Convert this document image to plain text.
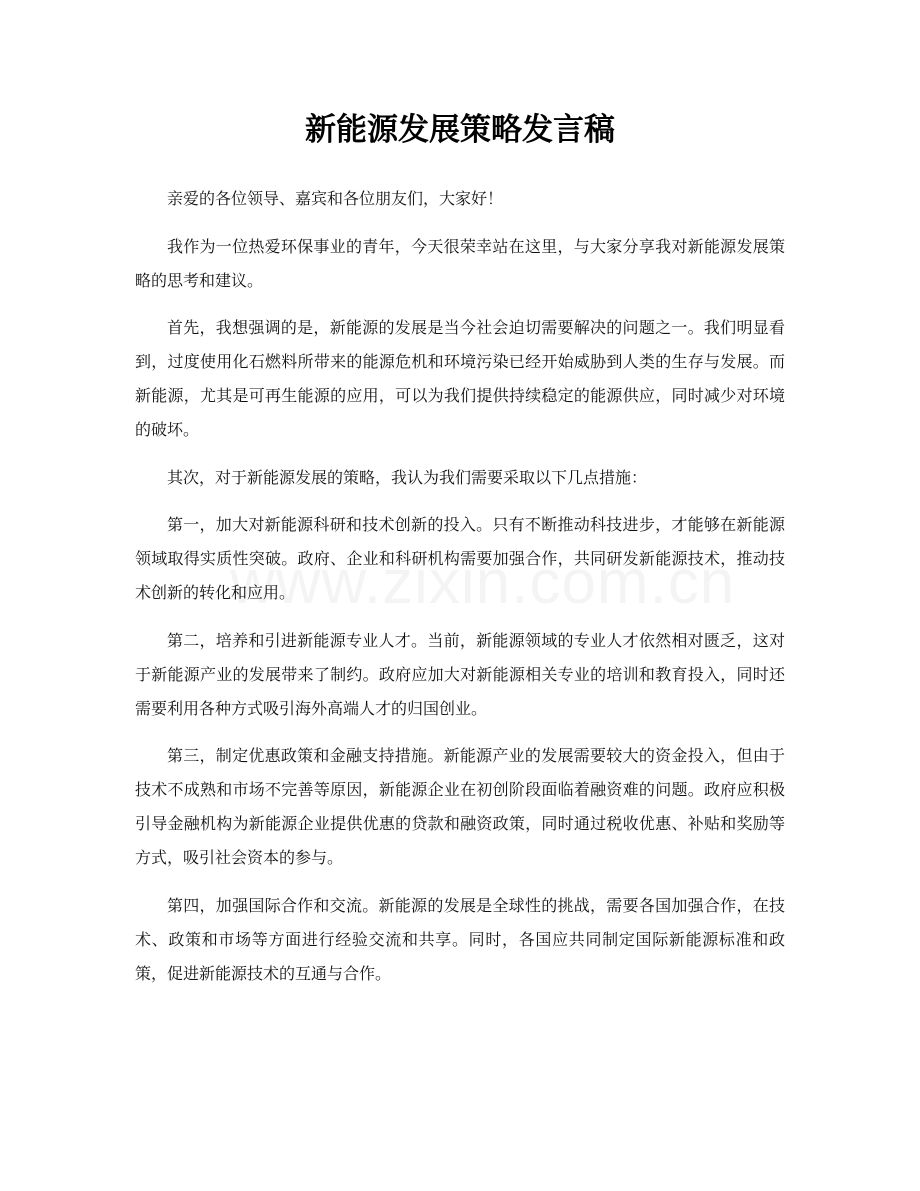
新能源发展策略发言稿

亲爱的各位领导、嘉宾和各位朋友们，大家好！

我作为一位热爱环保事业的青年，今天很荣幸站在这里，与大家分享我对新能源发展策略的思考和建议。

首先，我想强调的是，新能源的发展是当今社会迫切需要解决的问题之一。我们明显看到，过度使用化石燃料所带来的能源危机和环境污染已经开始威胁到人类的生存与发展。而新能源，尤其是可再生能源的应用，可以为我们提供持续稳定的能源供应，同时减少对环境的破坏。

其次，对于新能源发展的策略，我认为我们需要采取以下几点措施：

第一，加大对新能源科研和技术创新的投入。只有不断推动科技进步，才能够在新能源领域取得实质性突破。政府、企业和科研机构需要加强合作，共同研发新能源技术，推动技术创新的转化和应用。

第二，培养和引进新能源专业人才。当前，新能源领域的专业人才依然相对匮乏，这对于新能源产业的发展带来了制约。政府应加大对新能源相关专业的培训和教育投入，同时还需要利用各种方式吸引海外高端人才的归国创业。

第三，制定优惠政策和金融支持措施。新能源产业的发展需要较大的资金投入，但由于技术不成熟和市场不完善等原因，新能源企业在初创阶段面临着融资难的问题。政府应积极引导金融机构为新能源企业提供优惠的贷款和融资政策，同时通过税收优惠、补贴和奖励等方式，吸引社会资本的参与。

第四，加强国际合作和交流。新能源的发展是全球性的挑战，需要各国加强合作，在技术、政策和市场等方面进行经验交流和共享。同时，各国应共同制定国际新能源标准和政策，促进新能源技术的互通与合作。
